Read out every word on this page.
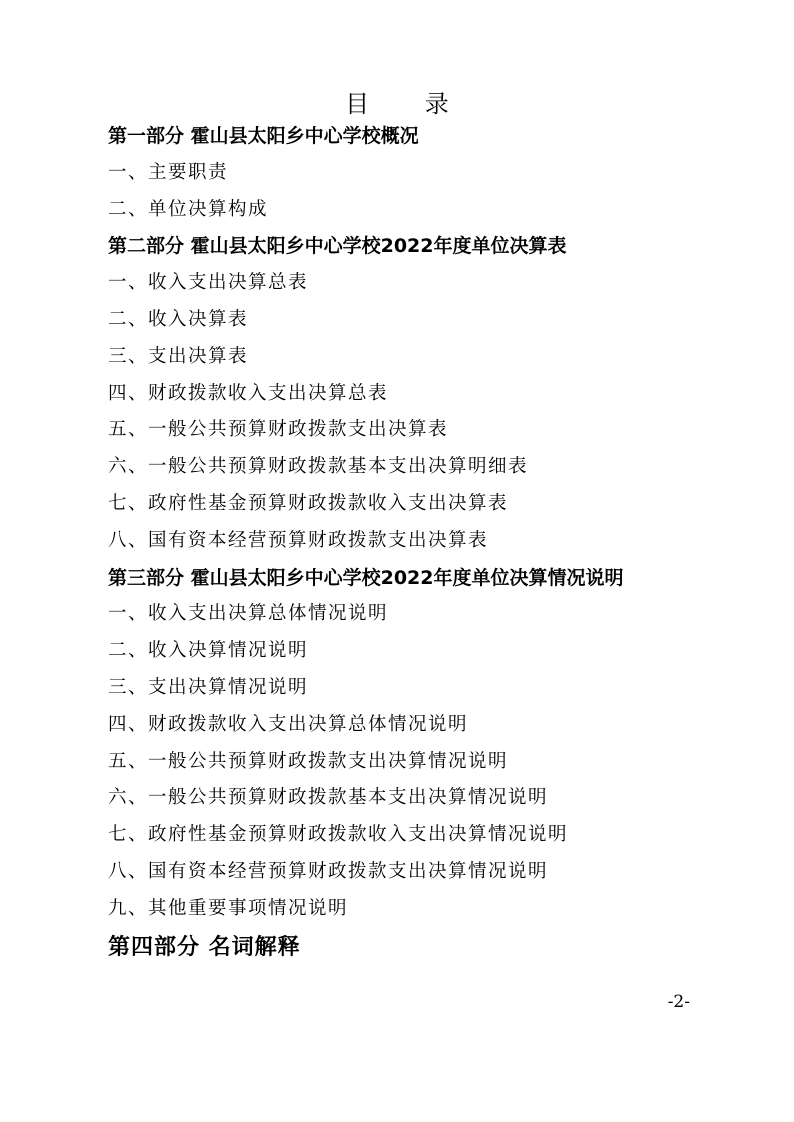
目 录
第一部分 霍山县太阳乡中心学校概况
一、主要职责
二、单位决算构成
第二部分 霍山县太阳乡中心学校2022年度单位决算表
一、收入支出决算总表
二、收入决算表
三、支出决算表
四、财政拨款收入支出决算总表
五、一般公共预算财政拨款支出决算表
六、一般公共预算财政拨款基本支出决算明细表
七、政府性基金预算财政拨款收入支出决算表
八、国有资本经营预算财政拨款支出决算表
第三部分 霍山县太阳乡中心学校2022年度单位决算情况说明
一、收入支出决算总体情况说明
二、收入决算情况说明
三、支出决算情况说明
四、财政拨款收入支出决算总体情况说明
五、一般公共预算财政拨款支出决算情况说明
六、一般公共预算财政拨款基本支出决算情况说明
七、政府性基金预算财政拨款收入支出决算情况说明
八、国有资本经营预算财政拨款支出决算情况说明
九、其他重要事项情况说明
第四部分 名词解释
-2-
